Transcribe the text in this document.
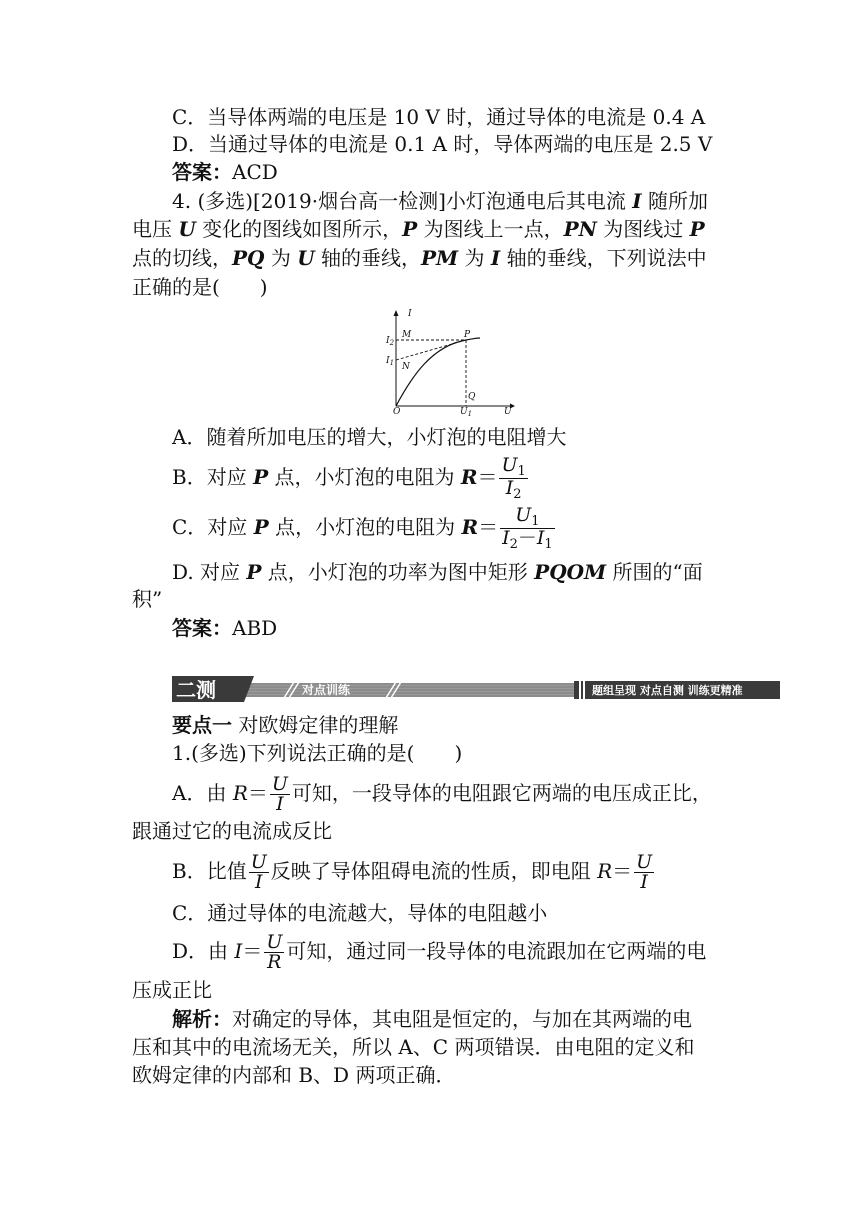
C．当导体两端的电压是 10 V 时，通过导体的电流是 0.4 A
D．当通过导体的电流是 0.1 A 时，导体两端的电压是 2.5 V
答案：ACD
4. (多选)[2019·烟台高一检测]小灯泡通电后其电流 I 随所加
电压 U 变化的图线如图所示，P 为图线上一点，PN 为图线过 P
点的切线，PQ 为 U 轴的垂线，PM 为 I 轴的垂线，下列说法中
正确的是(　　)
I
U
O
M
N
P
Q
$I_2$
$I_1$
$U_1$
A．随着所加电压的增大，小灯泡的电阻增大
B．对应 P 点，小灯泡的电阻为 $R= \frac{U_1}{I_2}$
C．对应 P 点，小灯泡的电阻为 $R= \frac{U_1}{I_2-I_1}$
D. 对应 P 点，小灯泡的功率为图中矩形 PQOM 所围的“面
积”
答案：ABD
二测	对点训练	题组呈现 对点自测 训练更精准
要点一 对欧姆定律的理解
1.(多选)下列说法正确的是(　　)
A．由 $R= \frac{U}{I}$ 可知，一段导体的电阻跟它两端的电压成正比，
跟通过它的电流成反比
B．比值 $\frac{U}{I}$ 反映了导体阻碍电流的性质，即电阻 $R= \frac{U}{I}$
C．通过导体的电流越大，导体的电阻越小
D．由 $I= \frac{U}{R}$ 可知，通过同一段导体的电流跟加在它两端的电
压成正比
解析：对确定的导体，其电阻是恒定的，与加在其两端的电
压和其中的电流场无关，所以 A、C 两项错误．由电阻的定义和
欧姆定律的内部和 B、D 两项正确．
